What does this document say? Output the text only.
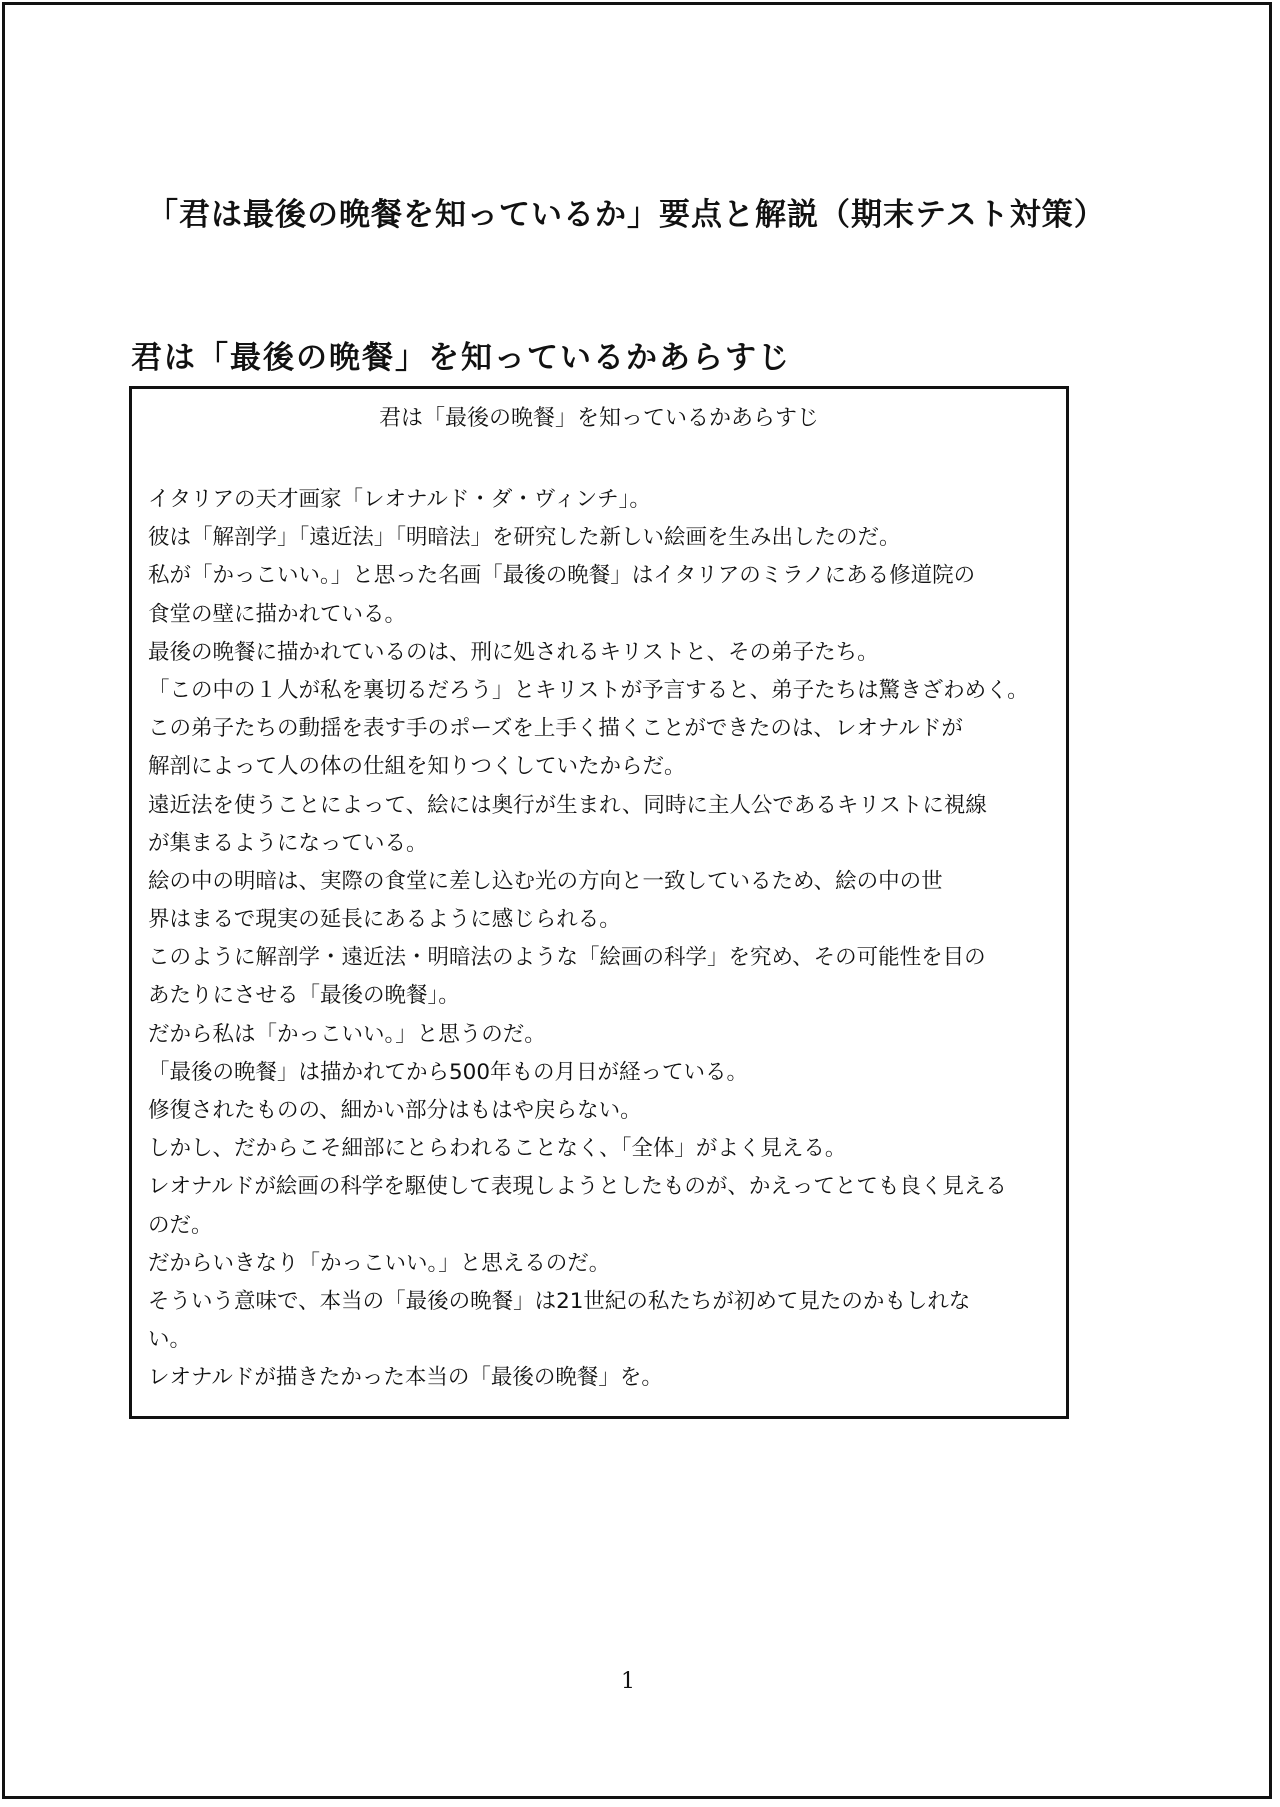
「君は最後の晩餐を知っているか」要点と解説（期末テスト対策）
君は「最後の晩餐」を知っているかあらすじ
君は「最後の晩餐」を知っているかあらすじ
イタリアの天才画家「レオナルド・ダ・ヴィンチ」。
彼は「解剖学」「遠近法」「明暗法」を研究した新しい絵画を生み出したのだ。
私が「かっこいい。」と思った名画「最後の晩餐」はイタリアのミラノにある修道院の
食堂の壁に描かれている。
最後の晩餐に描かれているのは、刑に処されるキリストと、その弟子たち。
「この中の１人が私を裏切るだろう」とキリストが予言すると、弟子たちは驚きざわめく。
この弟子たちの動揺を表す手のポーズを上手く描くことができたのは、レオナルドが
解剖によって人の体の仕組を知りつくしていたからだ。
遠近法を使うことによって、絵には奥行が生まれ、同時に主人公であるキリストに視線
が集まるようになっている。
絵の中の明暗は、実際の食堂に差し込む光の方向と一致しているため、絵の中の世
界はまるで現実の延長にあるように感じられる。
このように解剖学・遠近法・明暗法のような「絵画の科学」を究め、その可能性を目の
あたりにさせる「最後の晩餐」。
だから私は「かっこいい。」と思うのだ。
「最後の晩餐」は描かれてから500年もの月日が経っている。
修復されたものの、細かい部分はもはや戻らない。
しかし、だからこそ細部にとらわれることなく、「全体」がよく見える。
レオナルドが絵画の科学を駆使して表現しようとしたものが、かえってとても良く見える
のだ。
だからいきなり「かっこいい。」と思えるのだ。
そういう意味で、本当の「最後の晩餐」は21世紀の私たちが初めて見たのかもしれな
い。
レオナルドが描きたかった本当の「最後の晩餐」を。
1
